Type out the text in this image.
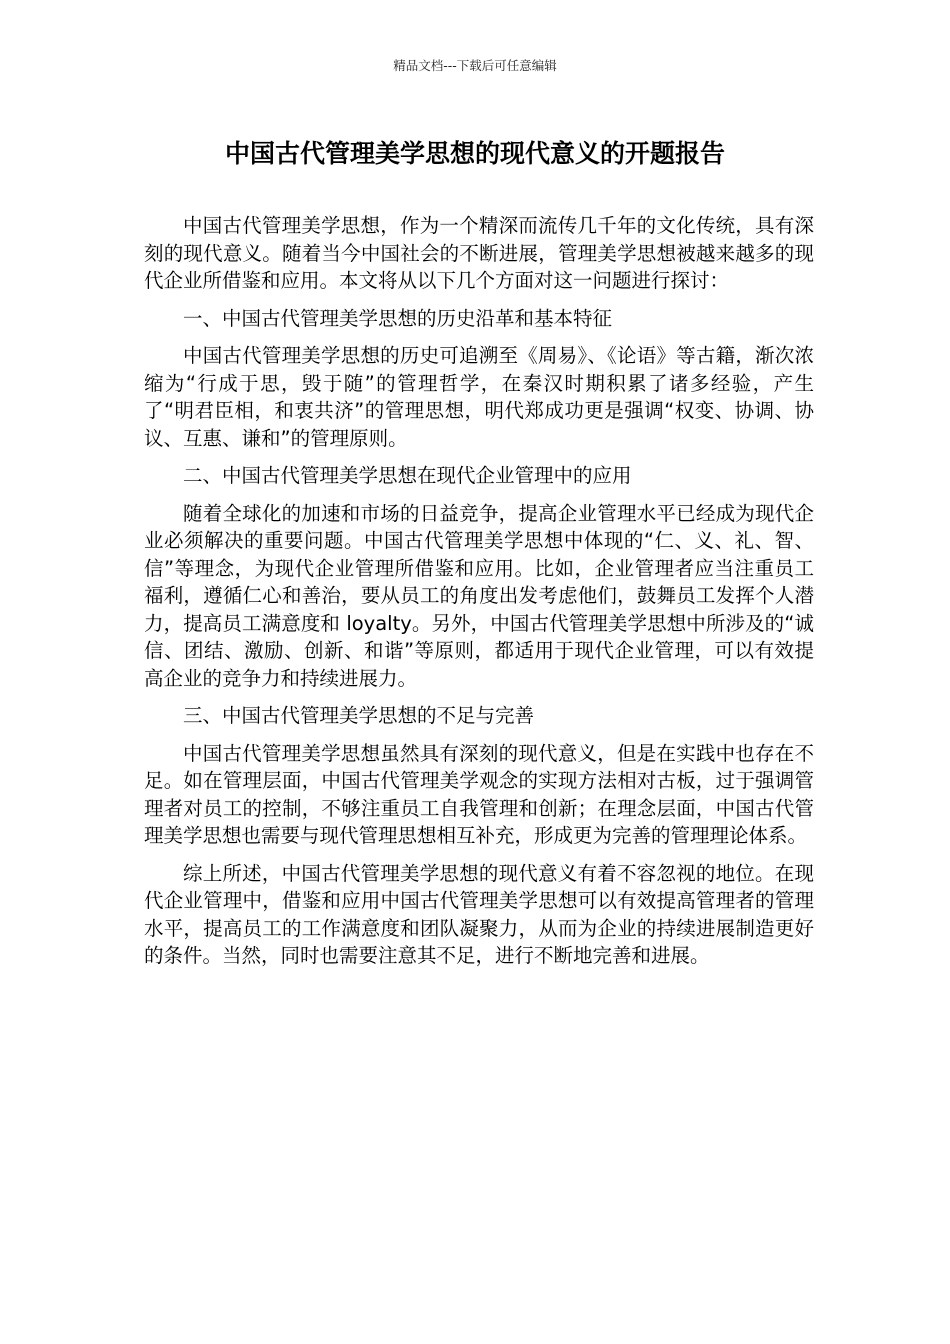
精品文档---下载后可任意编辑
中国古代管理美学思想的现代意义的开题报告

中国古代管理美学思想，作为一个精深而流传几千年的文化传统，具有深刻的现代意义。随着当今中国社会的不断进展，管理美学思想被越来越多的现代企业所借鉴和应用。本文将从以下几个方面对这一问题进行探讨：

一、中国古代管理美学思想的历史沿革和基本特征

中国古代管理美学思想的历史可追溯至《周易》、《论语》等古籍，渐次浓缩为“行成于思，毁于随”的管理哲学，在秦汉时期积累了诸多经验，产生了“明君臣相，和衷共济”的管理思想，明代郑成功更是强调“权变、协调、协议、互惠、谦和”的管理原则。

二、中国古代管理美学思想在现代企业管理中的应用

随着全球化的加速和市场的日益竞争，提高企业管理水平已经成为现代企业必须解决的重要问题。中国古代管理美学思想中体现的“仁、义、礼、智、信”等理念，为现代企业管理所借鉴和应用。比如，企业管理者应当注重员工福利，遵循仁心和善治，要从员工的角度出发考虑他们，鼓舞员工发挥个人潜力，提高员工满意度和 loyalty。另外，中国古代管理美学思想中所涉及的“诚信、团结、激励、创新、和谐”等原则，都适用于现代企业管理，可以有效提高企业的竞争力和持续进展力。

三、中国古代管理美学思想的不足与完善

中国古代管理美学思想虽然具有深刻的现代意义，但是在实践中也存在不足。如在管理层面，中国古代管理美学观念的实现方法相对古板，过于强调管理者对员工的控制，不够注重员工自我管理和创新；在理念层面，中国古代管理美学思想也需要与现代管理思想相互补充，形成更为完善的管理理论体系。

综上所述，中国古代管理美学思想的现代意义有着不容忽视的地位。在现代企业管理中，借鉴和应用中国古代管理美学思想可以有效提高管理者的管理水平，提高员工的工作满意度和团队凝聚力，从而为企业的持续进展制造更好的条件。当然，同时也需要注意其不足，进行不断地完善和进展。
